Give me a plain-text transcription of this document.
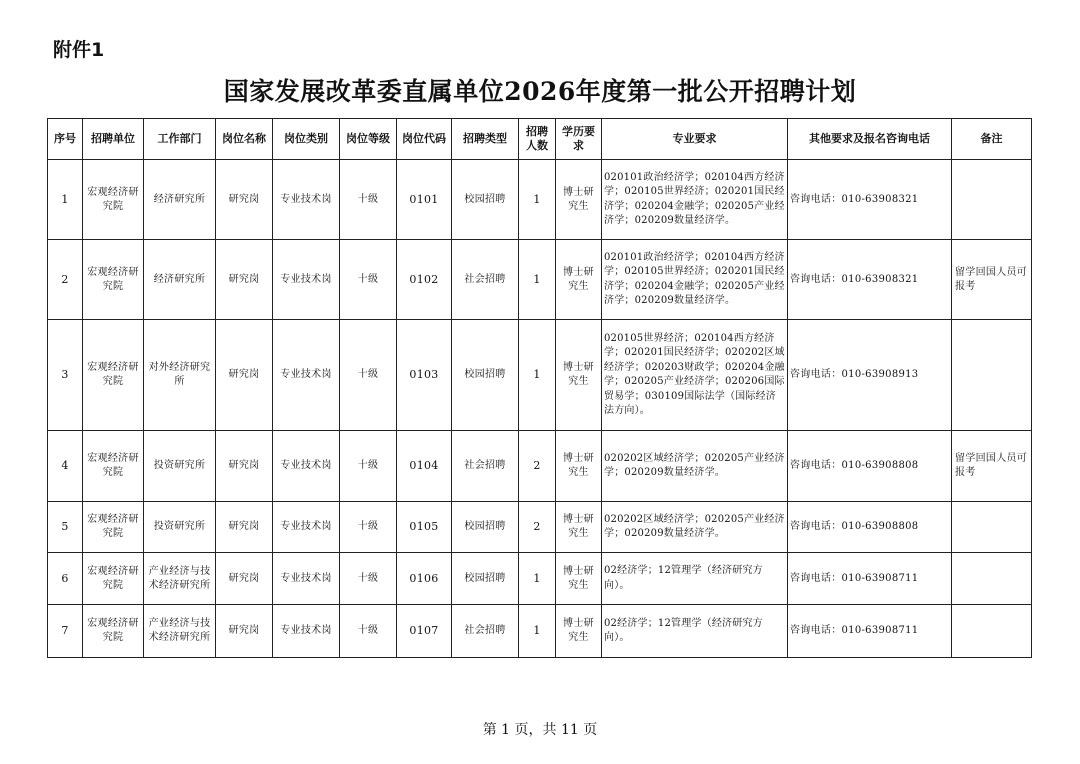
附件1
国家发展改革委直属单位2026年度第一批公开招聘计划
序号	招聘单位	工作部门	岗位名称	岗位类别	岗位等级	岗位代码	招聘类型	招聘人数	学历要求	专业要求	其他要求及报名咨询电话	备注
1	宏观经济研究院	经济研究所	研究岗	专业技术岗	十级	0101	校园招聘	1	博士研究生	020101政治经济学；020104西方经济学；020105世界经济；020201国民经济学；020204金融学；020205产业经济学；020209数量经济学。	咨询电话：010-63908321	
2	宏观经济研究院	经济研究所	研究岗	专业技术岗	十级	0102	社会招聘	1	博士研究生	020101政治经济学；020104西方经济学；020105世界经济；020201国民经济学；020204金融学；020205产业经济学；020209数量经济学。	咨询电话：010-63908321	留学回国人员可报考
3	宏观经济研究院	对外经济研究所	研究岗	专业技术岗	十级	0103	校园招聘	1	博士研究生	020105世界经济；020104西方经济学；020201国民经济学；020202区域经济学；020203财政学；020204金融学；020205产业经济学；020206国际贸易学；030109国际法学（国际经济法方向）。	咨询电话：010-63908913	
4	宏观经济研究院	投资研究所	研究岗	专业技术岗	十级	0104	社会招聘	2	博士研究生	020202区域经济学；020205产业经济学；020209数量经济学。	咨询电话：010-63908808	留学回国人员可报考
5	宏观经济研究院	投资研究所	研究岗	专业技术岗	十级	0105	校园招聘	2	博士研究生	020202区域经济学；020205产业经济学；020209数量经济学。	咨询电话：010-63908808	
6	宏观经济研究院	产业经济与技术经济研究所	研究岗	专业技术岗	十级	0106	校园招聘	1	博士研究生	02经济学；12管理学（经济研究方向）。	咨询电话：010-63908711	
7	宏观经济研究院	产业经济与技术经济研究所	研究岗	专业技术岗	十级	0107	社会招聘	1	博士研究生	02经济学；12管理学（经济研究方向）。	咨询电话：010-63908711	
第 1 页，共 11 页
